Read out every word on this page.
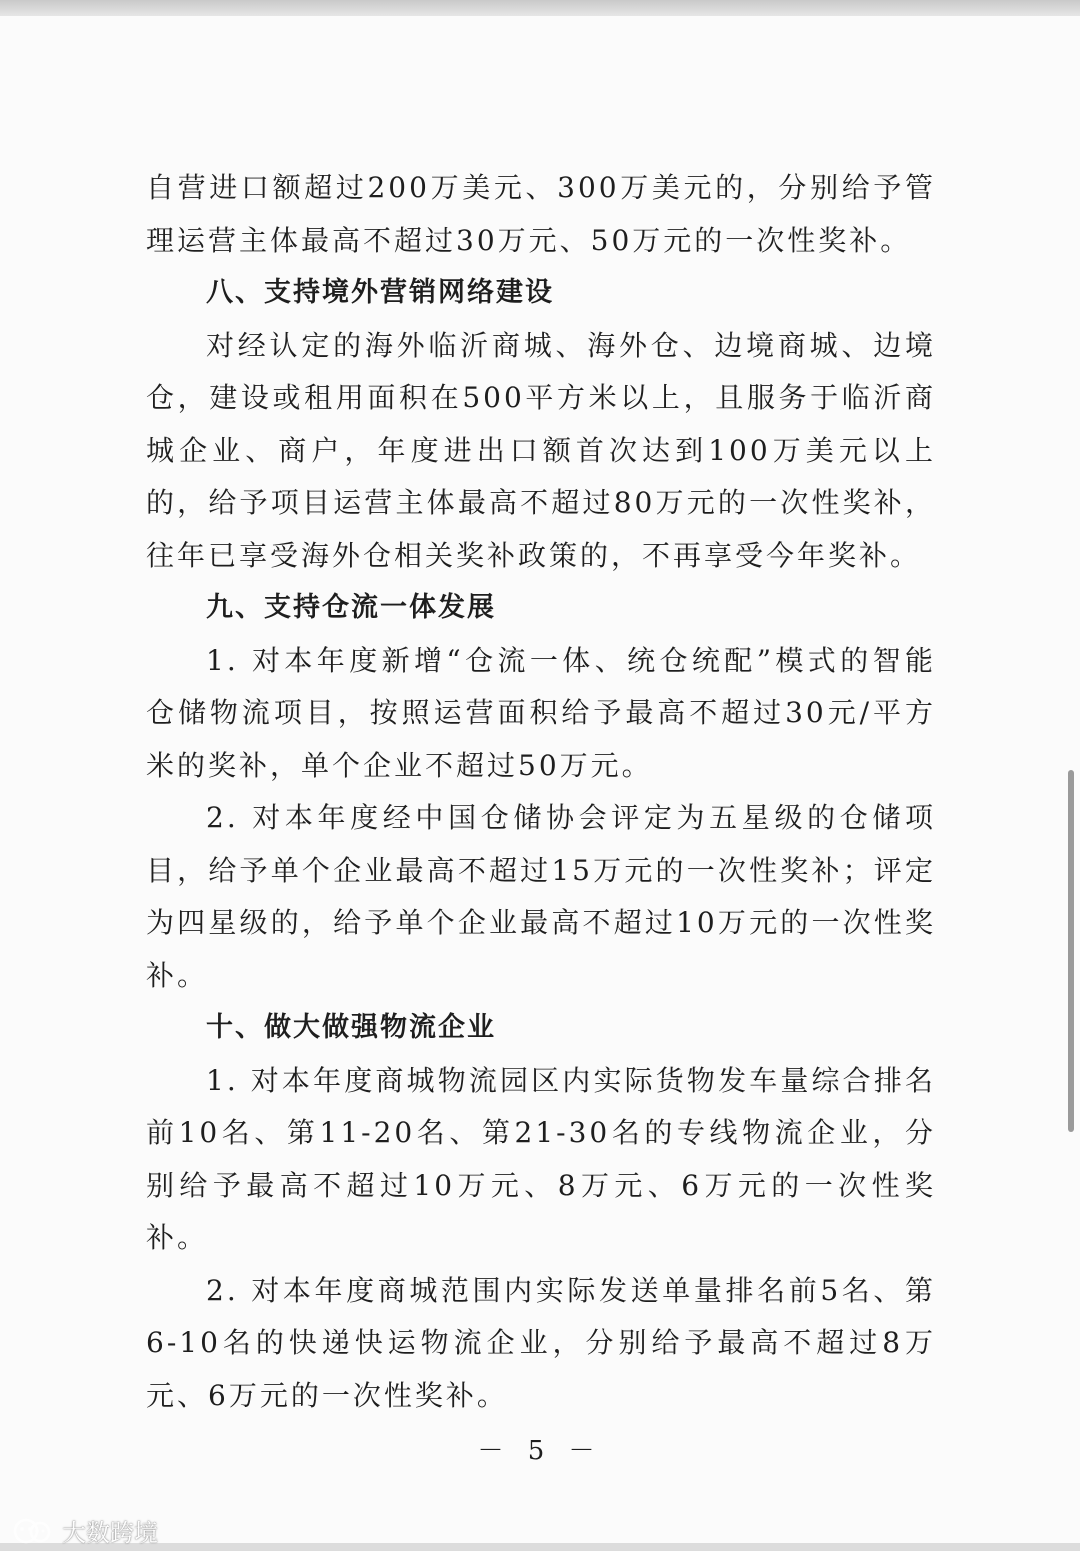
自营进口额超过200万美元、300万美元的，分别给予管理运营主体最高不超过30万元、50万元的一次性奖补。

八、支持境外营销网络建设

对经认定的海外临沂商城、海外仓、边境商城、边境仓，建设或租用面积在500平方米以上，且服务于临沂商城企业、商户，年度进出口额首次达到100万美元以上的，给予项目运营主体最高不超过80万元的一次性奖补，往年已享受海外仓相关奖补政策的，不再享受今年奖补。

九、支持仓流一体发展

1. 对本年度新增“仓流一体、统仓统配”模式的智能仓储物流项目，按照运营面积给予最高不超过30元/平方米的奖补，单个企业不超过50万元。

2. 对本年度经中国仓储协会评定为五星级的仓储项目，给予单个企业最高不超过15万元的一次性奖补；评定为四星级的，给予单个企业最高不超过10万元的一次性奖补。

十、做大做强物流企业

1. 对本年度商城物流园区内实际货物发车量综合排名前10名、第11-20名、第21-30名的专线物流企业，分别给予最高不超过10万元、8万元、6万元的一次性奖补。

2. 对本年度商城范围内实际发送单量排名前5名、第6-10名的快递快运物流企业，分别给予最高不超过8万元、6万元的一次性奖补。

－ 5 －
大数跨境
